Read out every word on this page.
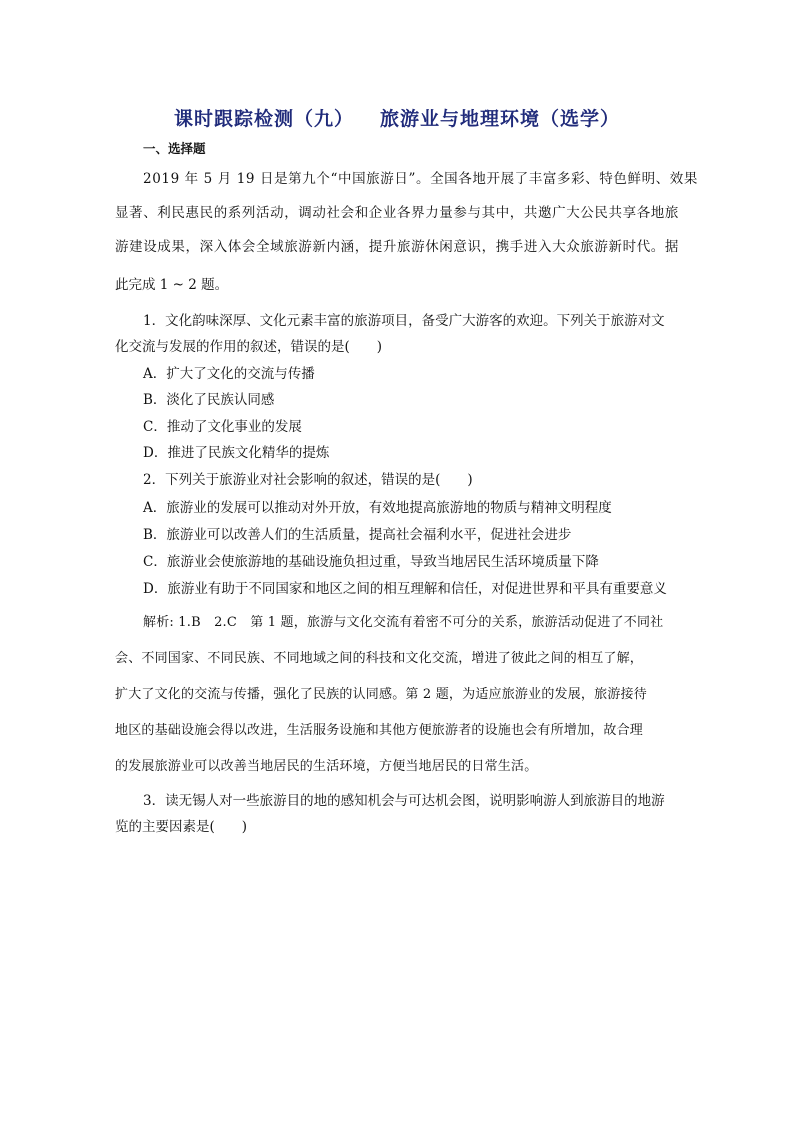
课时跟踪检测（九） 旅游业与地理环境（选学）
一、选择题
2019 年 5 月 19 日是第九个“中国旅游日”。全国各地开展了丰富多彩、特色鲜明、效果
显著、利民惠民的系列活动，调动社会和企业各界力量参与其中，共邀广大公民共享各地旅
游建设成果，深入体会全域旅游新内涵，提升旅游休闲意识，携手进入大众旅游新时代。据
此完成 1 ~ 2 题。
1．文化韵味深厚、文化元素丰富的旅游项目，备受广大游客的欢迎。下列关于旅游对文
化交流与发展的作用的叙述，错误的是(　　)
A．扩大了文化的交流与传播
B．淡化了民族认同感
C．推动了文化事业的发展
D．推进了民族文化精华的提炼
2．下列关于旅游业对社会影响的叙述，错误的是(　　)
A．旅游业的发展可以推动对外开放，有效地提高旅游地的物质与精神文明程度
B．旅游业可以改善人们的生活质量，提高社会福利水平，促进社会进步
C．旅游业会使旅游地的基础设施负担过重，导致当地居民生活环境质量下降
D．旅游业有助于不同国家和地区之间的相互理解和信任，对促进世界和平具有重要意义
解析: 1.B　2.C　第 1 题，旅游与文化交流有着密不可分的关系，旅游活动促进了不同社
会、不同国家、不同民族、不同地域之间的科技和文化交流，增进了彼此之间的相互了解，
扩大了文化的交流与传播，强化了民族的认同感。第 2 题，为适应旅游业的发展，旅游接待
地区的基础设施会得以改进，生活服务设施和其他方便旅游者的设施也会有所增加，故合理
的发展旅游业可以改善当地居民的生活环境，方便当地居民的日常生活。
3．读无锡人对一些旅游目的地的感知机会与可达机会图，说明影响游人到旅游目的地游
览的主要因素是(　　)
